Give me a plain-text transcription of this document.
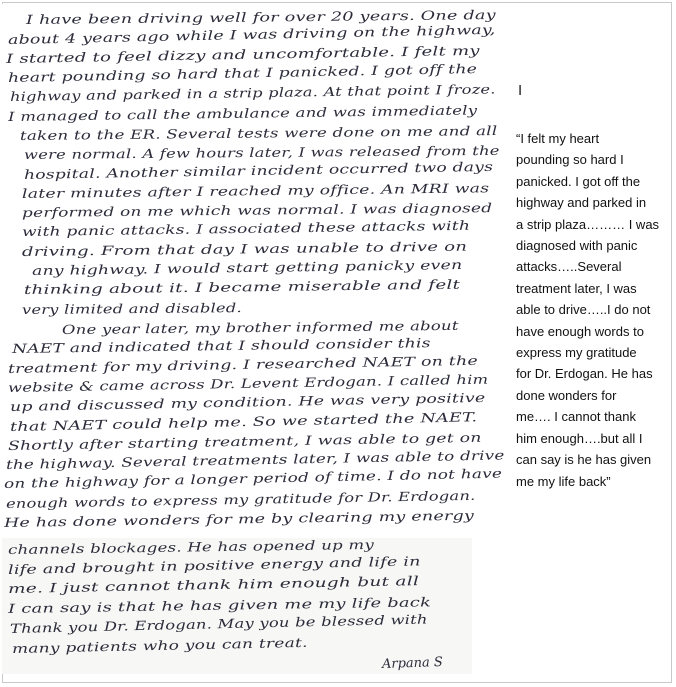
I have been driving well for over 20 years. One day
about 4 years ago while I was driving on the highway,
I started to feel dizzy and uncomfortable. I felt my
heart pounding so hard that I panicked. I got off the
highway and parked in a strip plaza. At that point I froze.
I managed to call the ambulance and was immediately
taken to the ER. Several tests were done on me and all
were normal. A few hours later, I was released from the
hospital. Another similar incident occurred two days
later minutes after I reached my office. An MRI was
performed on me which was normal. I was diagnosed
with panic attacks. I associated these attacks with
driving. From that day I was unable to drive on
any highway. I would start getting panicky even
thinking about it. I became miserable and felt
very limited and disabled.
One year later, my brother informed me about
NAET and indicated that I should consider this
treatment for my driving. I researched NAET on the
website & came across Dr. Levent Erdogan. I called him
up and discussed my condition. He was very positive
that NAET could help me. So we started the NAET.
Shortly after starting treatment, I was able to get on
the highway. Several treatments later, I was able to drive
on the highway for a longer period of time. I do not have
enough words to express my gratitude for Dr. Erdogan.
He has done wonders for me by clearing my energy
channels blockages. He has opened up my
life and brought in positive energy and life in
me. I just cannot thank him enough but all
I can say is that he has given me my life back
Thank you Dr. Erdogan. May you be blessed with
many patients who you can treat.
Arpana S
I
“I felt my heart
pounding so hard I
panicked. I got off the
highway and parked in
a strip plaza……… I was
diagnosed with panic
attacks…..Several
treatment later, I was
able to drive…..I do not
have enough words to
express my gratitude
for Dr. Erdogan. He has
done wonders for
me…. I cannot thank
him enough….but all I
can say is he has given
me my life back”
